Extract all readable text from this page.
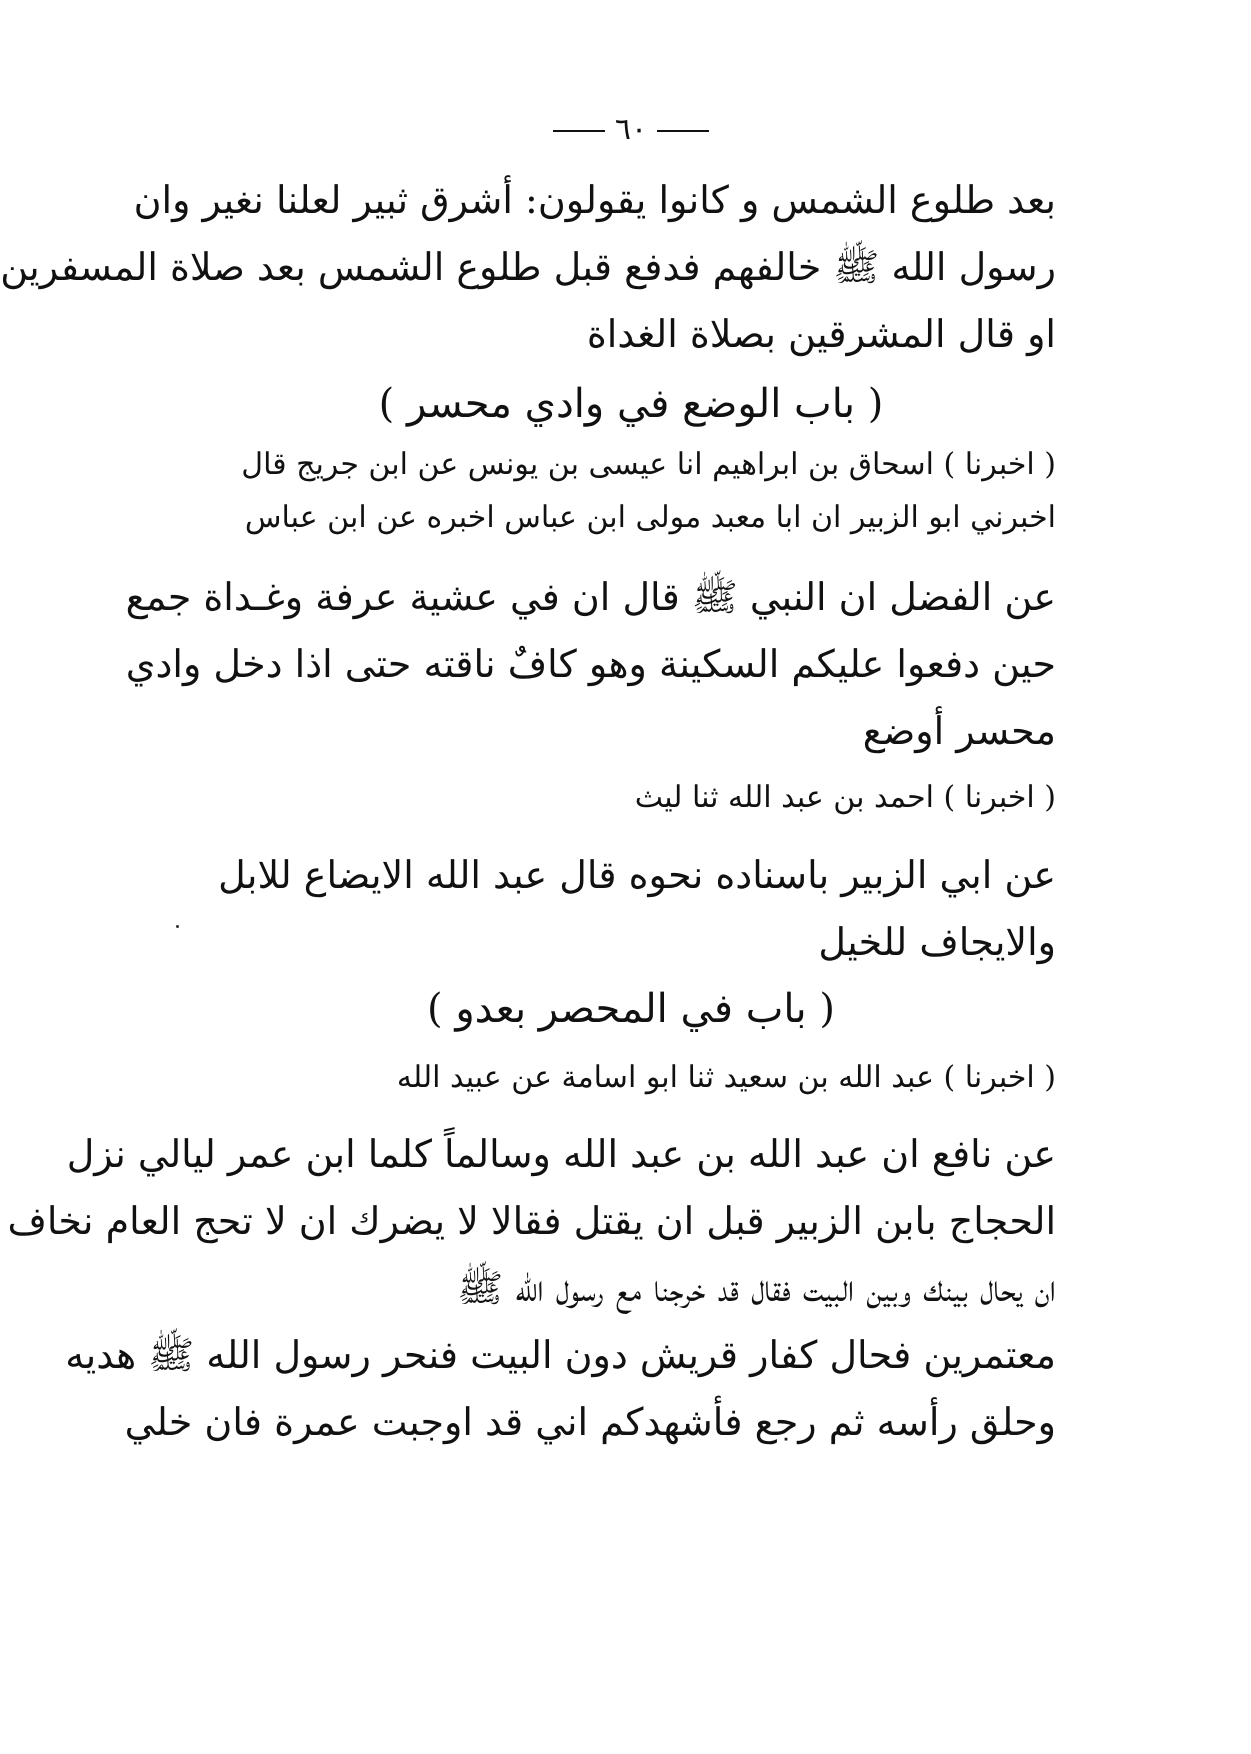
٦٠
بعد طلوع الشمس و كانوا يقولون: أشرق ثبير لعلنا نغير وان
رسول الله ﷺ خالفهم فدفع قبل طلوع الشمس بعد صلاة المسفرين
او قال المشرقين بصلاة الغداة
( باب الوضع في وادي محسر )
( اخبرنا ) اسحاق بن ابراهيم انا عيسى بن يونس عن ابن جريج قال
اخبرني ابو الزبير ان ابا معبد مولى ابن عباس اخبره عن ابن عباس
عن الفضل ان النبي ﷺ قال ان في عشية عرفة وغـداة جمع
حين دفعوا عليكم السكينة وهو كافٌ ناقته حتى اذا دخل وادي
محسر أوضع
( اخبرنا ) احمد بن عبد الله ثنا ليث
عن ابي الزبير باسناده نحوه قال عبد الله الايضاع للابل
والايجاف للخيل
( باب في المحصر بعدو )
( اخبرنا ) عبد الله بن سعيد ثنا ابو اسامة عن عبيد الله
عن نافع ان عبد الله بن عبد الله وسالماً كلما ابن عمر ليالي نزل
الحجاج بابن الزبير قبل ان يقتل فقالا لا يضرك ان لا تحج العام نخاف
ان يحال بينك وبين البيت فقال قد خرجنا مع رسول الله ﷺ
معتمرين فحال كفار قريش دون البيت فنحر رسول الله ﷺ هديه
وحلق رأسه ثم رجع فأشهدكم اني قد اوجبت عمرة فان خلي
